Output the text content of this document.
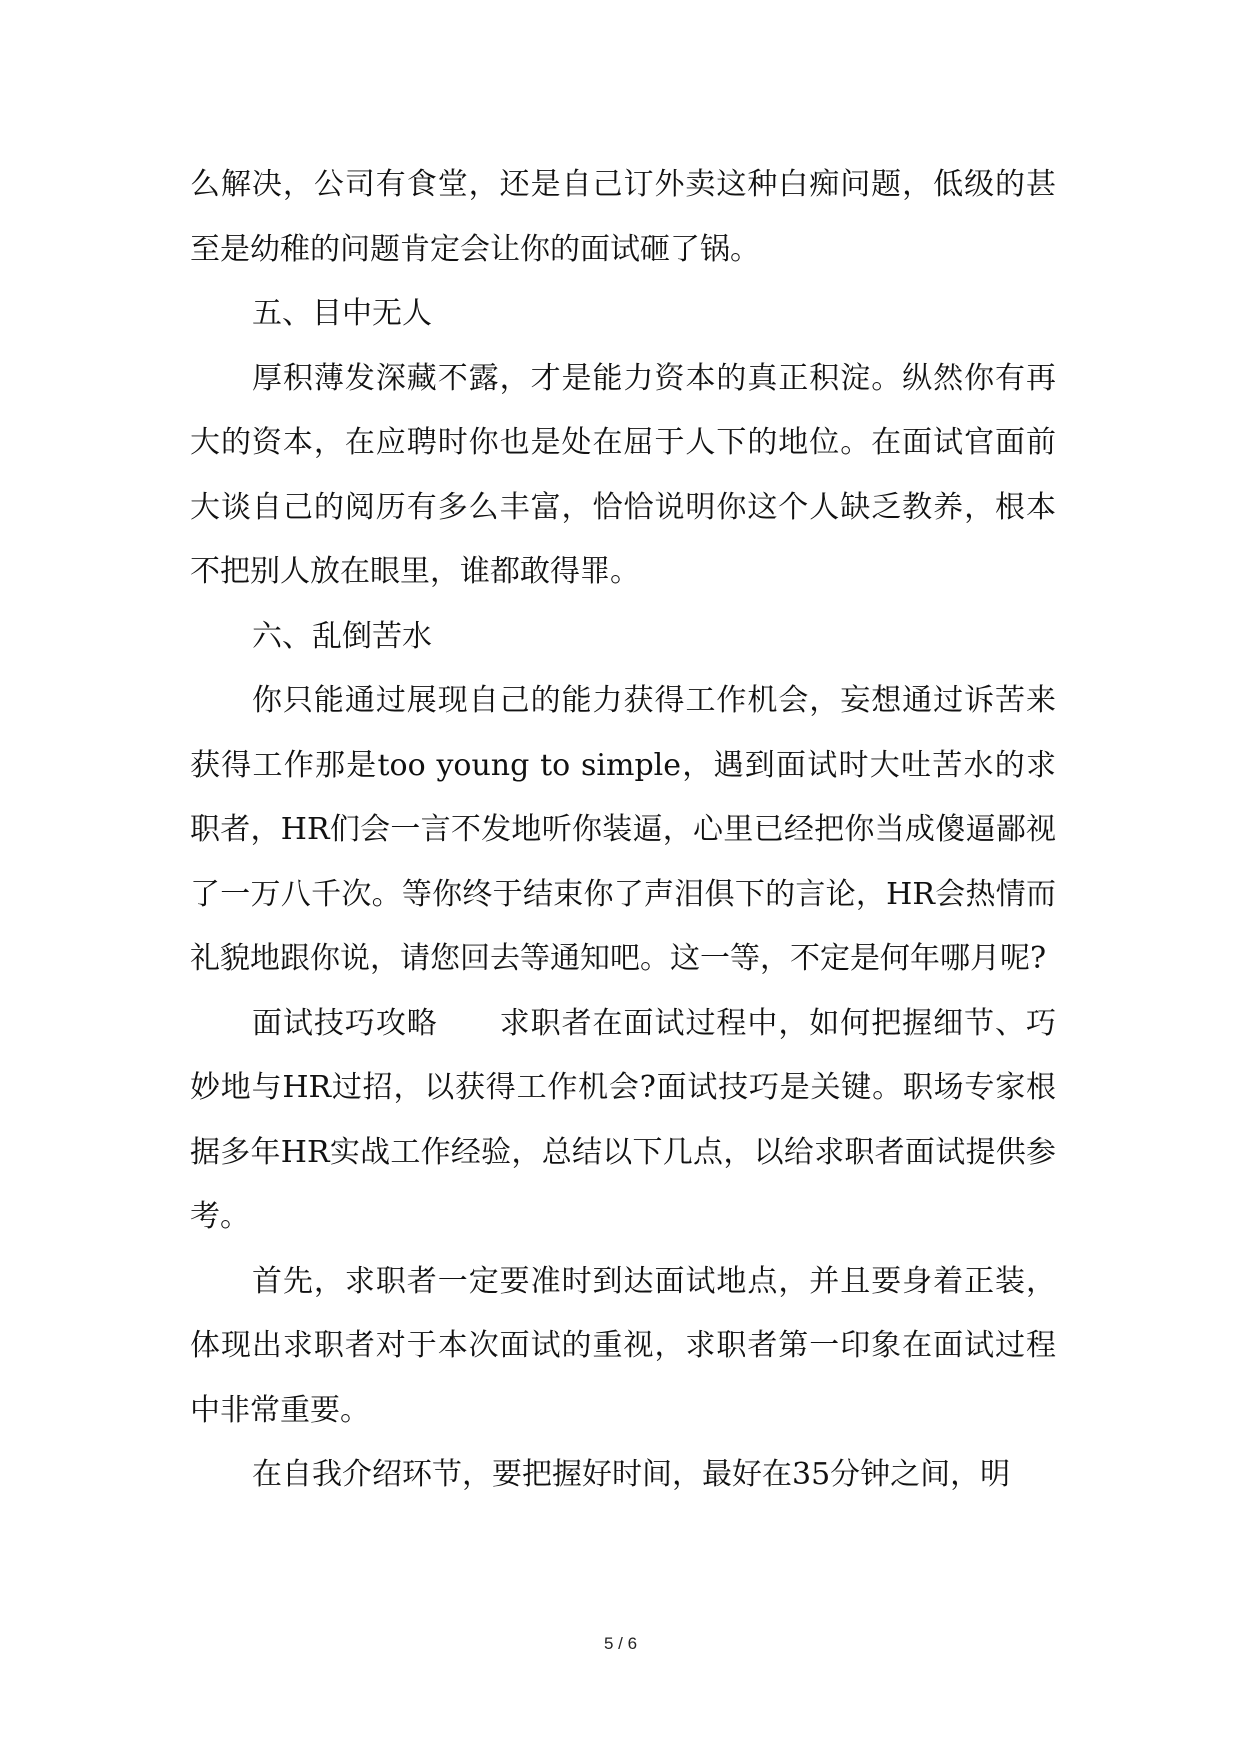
么解决，公司有食堂，还是自己订外卖这种白痴问题，低级的甚至是幼稚的问题肯定会让你的面试砸了锅。

五、目中无人

厚积薄发深藏不露，才是能力资本的真正积淀。纵然你有再大的资本，在应聘时你也是处在屈于人下的地位。在面试官面前大谈自己的阅历有多么丰富，恰恰说明你这个人缺乏教养，根本不把别人放在眼里，谁都敢得罪。

六、乱倒苦水

你只能通过展现自己的能力获得工作机会，妄想通过诉苦来获得工作那是too young to simple，遇到面试时大吐苦水的求职者，HR们会一言不发地听你装逼，心里已经把你当成傻逼鄙视了一万八千次。等你终于结束你了声泪俱下的言论，HR会热情而礼貌地跟你说，请您回去等通知吧。这一等，不定是何年哪月呢?

面试技巧攻略　　求职者在面试过程中，如何把握细节、巧妙地与HR过招，以获得工作机会?面试技巧是关键。职场专家根据多年HR实战工作经验，总结以下几点，以给求职者面试提供参考。

首先，求职者一定要准时到达面试地点，并且要身着正装，体现出求职者对于本次面试的重视，求职者第一印象在面试过程中非常重要。

在自我介绍环节，要把握好时间，最好在35分钟之间，明

5 / 6
